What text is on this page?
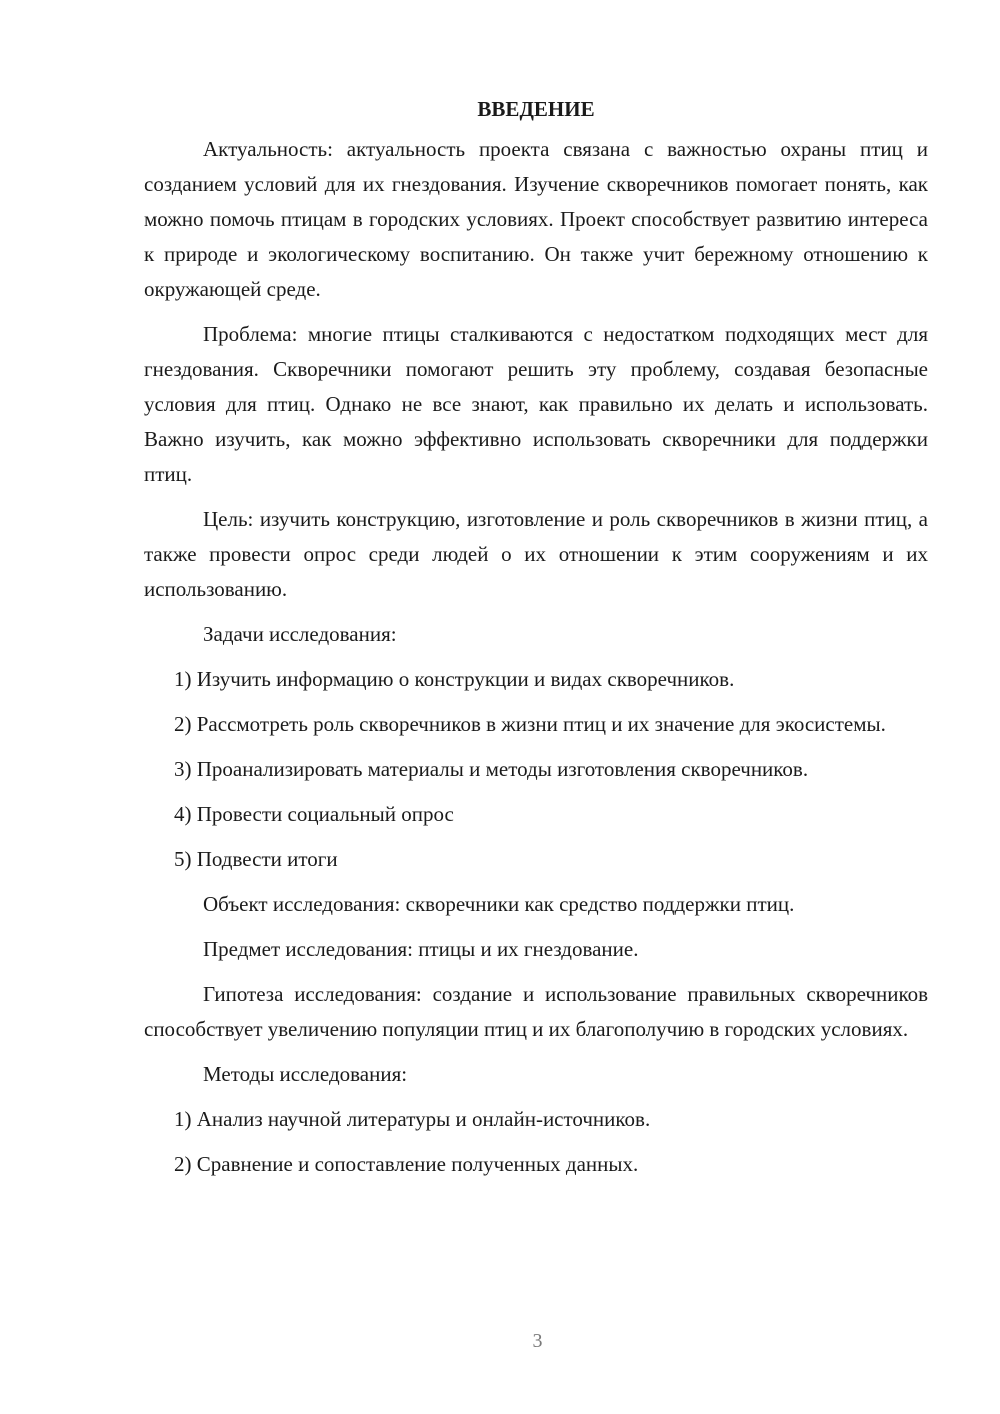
ВВЕДЕНИЕ

Актуальность: актуальность проекта связана с важностью охраны птиц и созданием условий для их гнездования. Изучение скворечников помогает понять, как можно помочь птицам в городских условиях. Проект способствует развитию интереса к природе и экологическому воспитанию. Он также учит бережному отношению к окружающей среде.

Проблема: многие птицы сталкиваются с недостатком подходящих мест для гнездования. Скворечники помогают решить эту проблему, создавая безопасные условия для птиц. Однако не все знают, как правильно их делать и использовать. Важно изучить, как можно эффективно использовать скворечники для поддержки птиц.

Цель: изучить конструкцию, изготовление и роль скворечников в жизни птиц, а также провести опрос среди людей о их отношении к этим сооружениям и их использованию.

Задачи исследования:

1) Изучить информацию о конструкции и видах скворечников.

2) Рассмотреть роль скворечников в жизни птиц и их значение для экосистемы.

3) Проанализировать материалы и методы изготовления скворечников.

4) Провести социальный опрос

5) Подвести итоги

Объект исследования: скворечники как средство поддержки птиц.

Предмет исследования: птицы и их гнездование.

Гипотеза исследования: создание и использование правильных скворечников способствует увеличению популяции птиц и их благополучию в городских условиях.

Методы исследования:

1) Анализ научной литературы и онлайн-источников.

2) Сравнение и сопоставление полученных данных.

3
